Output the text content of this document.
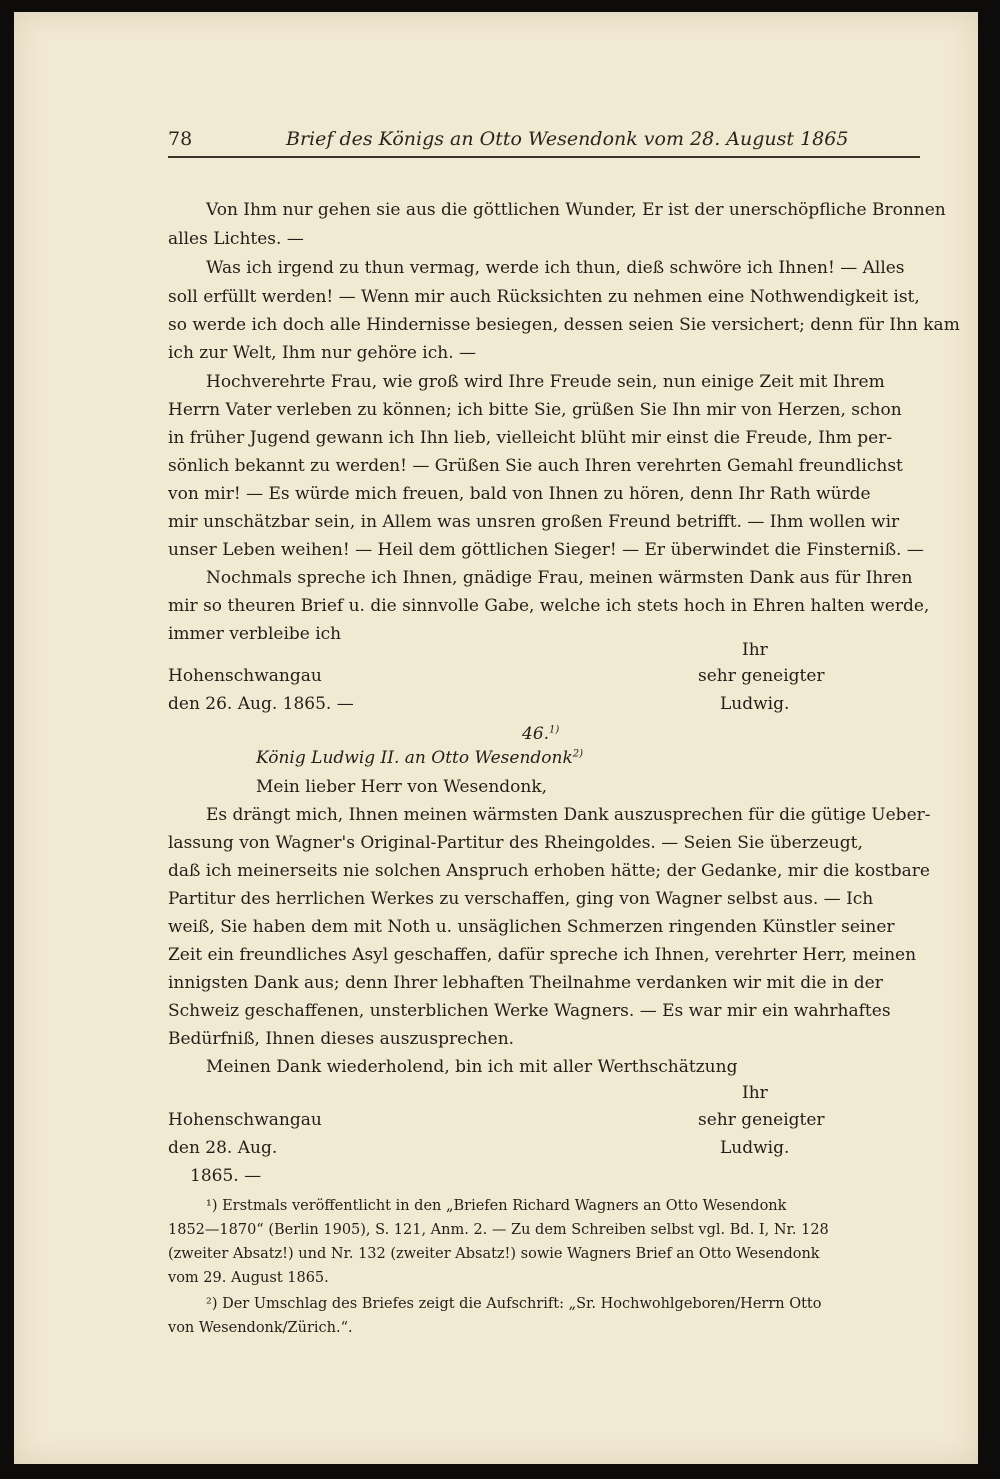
78	Brief des Königs an Otto Wesendonk vom 28. August 1865
Von Ihm nur gehen sie aus die göttlichen Wunder, Er ist der unerschöpfliche Bronnen
alles Lichtes. —
Was ich irgend zu thun vermag, werde ich thun, dieß schwöre ich Ihnen! — Alles
soll erfüllt werden! — Wenn mir auch Rücksichten zu nehmen eine Nothwendigkeit ist,
so werde ich doch alle Hindernisse besiegen, dessen seien Sie versichert; denn für Ihn kam
ich zur Welt, Ihm nur gehöre ich. —
Hochverehrte Frau, wie groß wird Ihre Freude sein, nun einige Zeit mit Ihrem
Herrn Vater verleben zu können; ich bitte Sie, grüßen Sie Ihn mir von Herzen, schon
in früher Jugend gewann ich Ihn lieb, vielleicht blüht mir einst die Freude, Ihm per-
sönlich bekannt zu werden! — Grüßen Sie auch Ihren verehrten Gemahl freundlichst
von mir! — Es würde mich freuen, bald von Ihnen zu hören, denn Ihr Rath würde
mir unschätzbar sein, in Allem was unsren großen Freund betrifft. — Ihm wollen wir
unser Leben weihen! — Heil dem göttlichen Sieger! — Er überwindet die Finsterniß. —
Nochmals spreche ich Ihnen, gnädige Frau, meinen wärmsten Dank aus für Ihren
mir so theuren Brief u. die sinnvolle Gabe, welche ich stets hoch in Ehren halten werde,
immer verbleibe ich
Ihr
Hohenschwangau	sehr geneigter
den 26. Aug. 1865. —	Ludwig.
46.$^{1)}$
König Ludwig II. an Otto Wesendonk$^{2)}$
Mein lieber Herr von Wesendonk,
Es drängt mich, Ihnen meinen wärmsten Dank auszusprechen für die gütige Ueber-
lassung von Wagner's Original-Partitur des Rheingoldes. — Seien Sie überzeugt,
daß ich meinerseits nie solchen Anspruch erhoben hätte; der Gedanke, mir die kostbare
Partitur des herrlichen Werkes zu verschaffen, ging von Wagner selbst aus. — Ich
weiß, Sie haben dem mit Noth u. unsäglichen Schmerzen ringenden Künstler seiner
Zeit ein freundliches Asyl geschaffen, dafür spreche ich Ihnen, verehrter Herr, meinen
innigsten Dank aus; denn Ihrer lebhaften Theilnahme verdanken wir mit die in der
Schweiz geschaffenen, unsterblichen Werke Wagners. — Es war mir ein wahrhaftes
Bedürfniß, Ihnen dieses auszusprechen.
Meinen Dank wiederholend, bin ich mit aller Werthschätzung
Ihr
Hohenschwangau	sehr geneigter
den 28. Aug.	Ludwig.
1865. —
¹) Erstmals veröffentlicht in den „Briefen Richard Wagners an Otto Wesendonk
1852—1870“ (Berlin 1905), S. 121, Anm. 2. — Zu dem Schreiben selbst vgl. Bd. I, Nr. 128
(zweiter Absatz!) und Nr. 132 (zweiter Absatz!) sowie Wagners Brief an Otto Wesendonk
vom 29. August 1865.
²) Der Umschlag des Briefes zeigt die Aufschrift: „Sr. Hochwohlgeboren/Herrn Otto
von Wesendonk/Zürich.“.
